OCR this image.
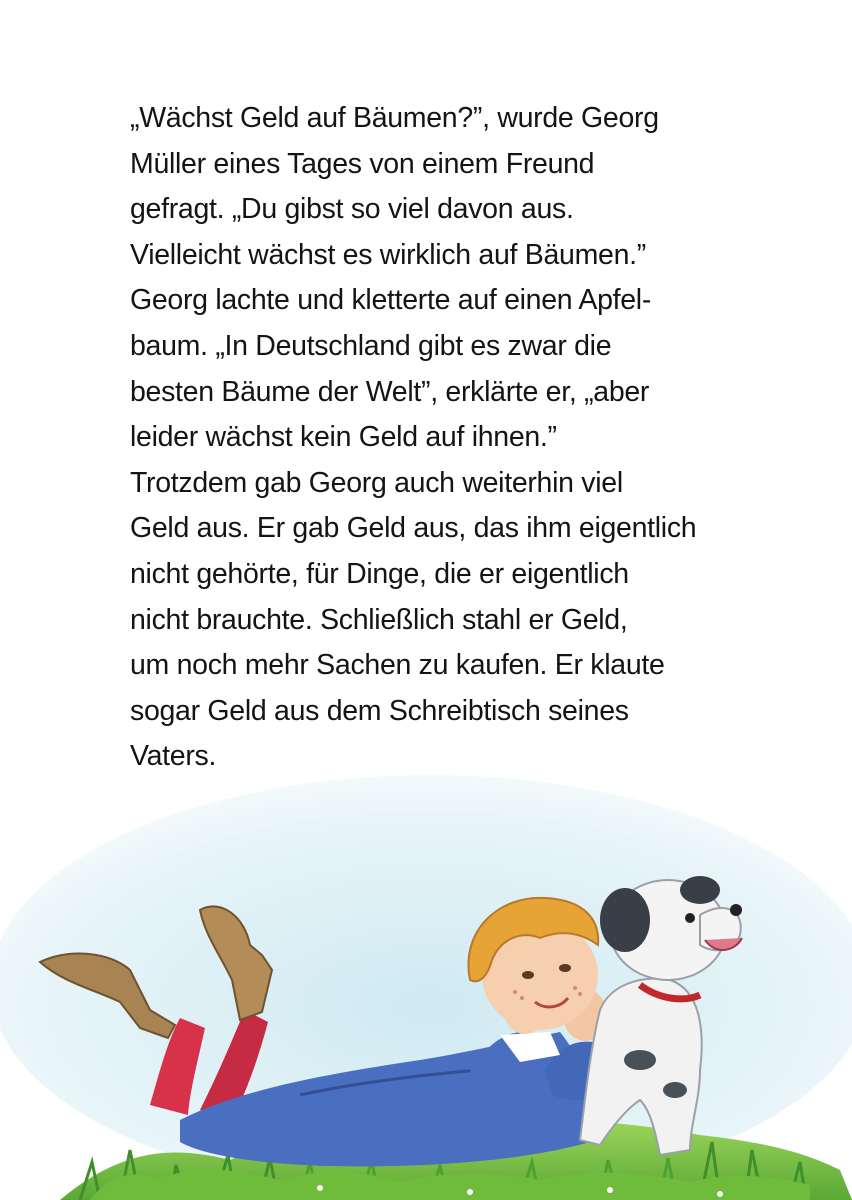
„Wächst Geld auf Bäumen?”, wurde Georg
Müller eines Tages von einem Freund
gefragt. „Du gibst so viel davon aus.
Vielleicht wächst es wirklich auf Bäumen.”
Georg lachte und kletterte auf einen Apfel-
baum. „In Deutschland gibt es zwar die
besten Bäume der Welt”, erklärte er, „aber
leider wächst kein Geld auf ihnen.”
Trotzdem gab Georg auch weiterhin viel
Geld aus. Er gab Geld aus, das ihm eigentlich
nicht gehörte, für Dinge, die er eigentlich
nicht brauchte. Schließlich stahl er Geld,
um noch mehr Sachen zu kaufen. Er klaute
sogar Geld aus dem Schreibtisch seines
Vaters.
